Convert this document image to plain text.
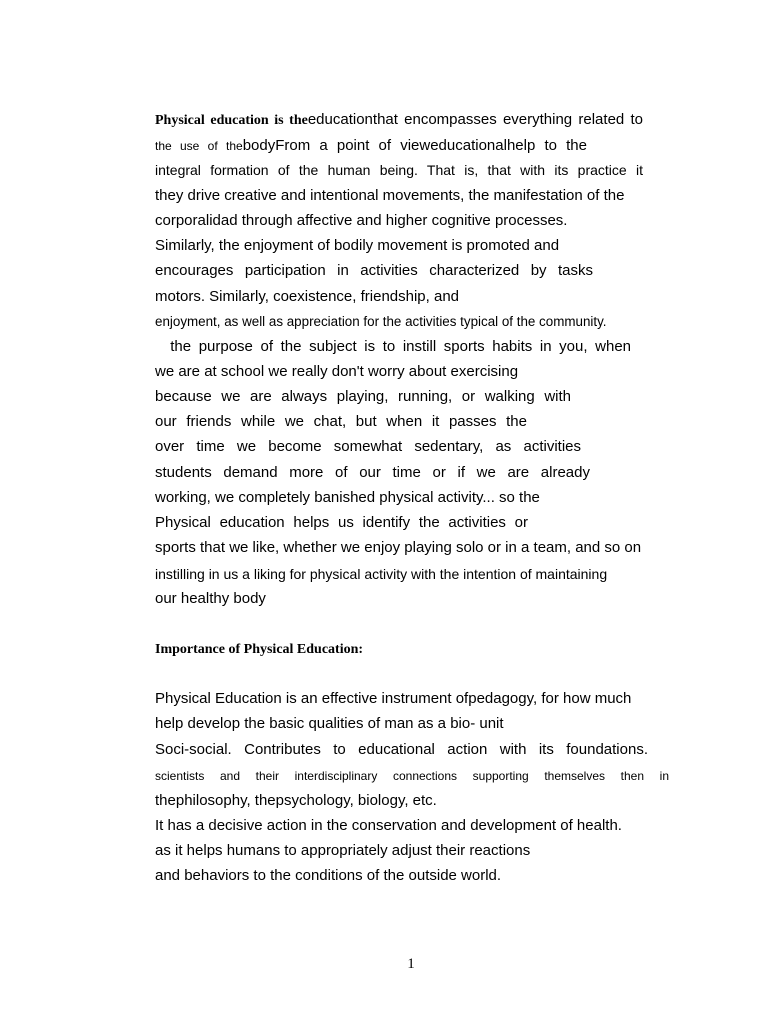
Physical education is theeducationthat encompasses everything related to
the use of thebodyFrom a point of vieweducationalhelp to the
integral formation of the human being. That is, that with its practice it
they drive creative and intentional movements, the manifestation of the
corporalidad through affective and higher cognitive processes.
Similarly, the enjoyment of bodily movement is promoted and
encourages participation in activities characterized by tasks
motors. Similarly, coexistence, friendship, and
enjoyment, as well as appreciation for the activities typical of the community.
the purpose of the subject is to instill sports habits in you, when
we are at school we really don't worry about exercising
because we are always playing, running, or walking with
our friends while we chat, but when it passes the
over time we become somewhat sedentary, as activities
students demand more of our time or if we are already
working, we completely banished physical activity... so the
Physical education helps us identify the activities or
sports that we like, whether we enjoy playing solo or in a team, and so on
instilling in us a liking for physical activity with the intention of maintaining
our healthy body
Importance of Physical Education:
Physical Education is an effective instrument ofpedagogy, for how much
help develop the basic qualities of man as a bio- unit
Soci-social. Contributes to educational action with its foundations.
scientists and their interdisciplinary connections supporting themselves then in
thephilosophy, thepsychology, biology, etc.
It has a decisive action in the conservation and development of health.
as it helps humans to appropriately adjust their reactions
and behaviors to the conditions of the outside world.
1
